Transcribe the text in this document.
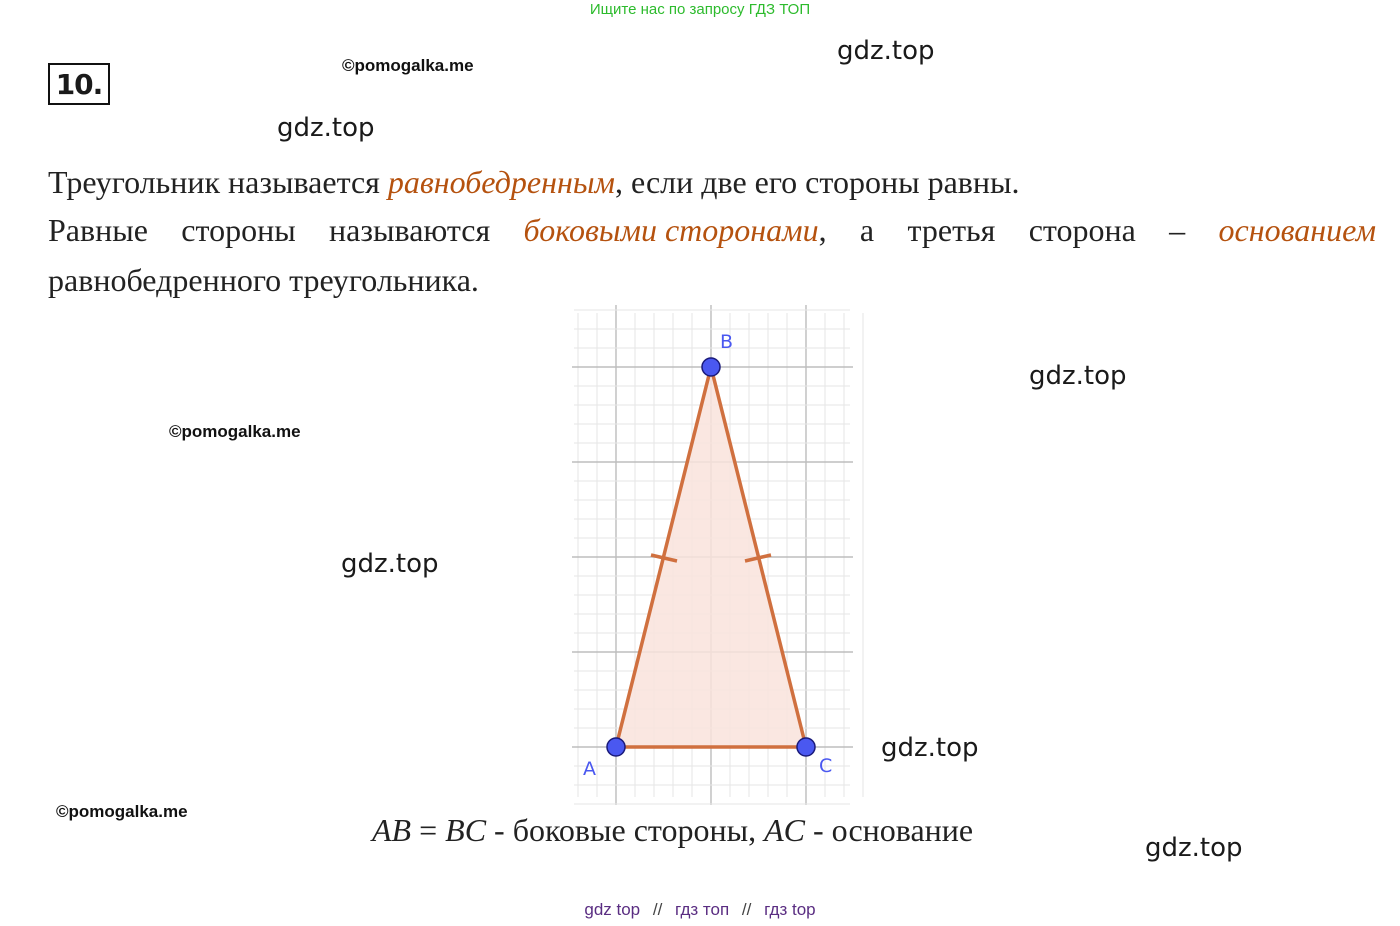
Ищите нас по запросу ГДЗ ТОП
10.
©pomogalka.me	gdz.top
gdz.top
Треугольник называется равнобедренным, если две его стороны равны.
Равные стороны называются боковыми сторонами, а третья сторона – основанием
равнобедренного треугольника.
B
A	C
©pomogalka.me
gdz.top
gdz.top
gdz.top
©pomogalka.me
gdz.top
AB = BC - боковые стороны, AC - основание
gdz top // гдз топ // гдз top
